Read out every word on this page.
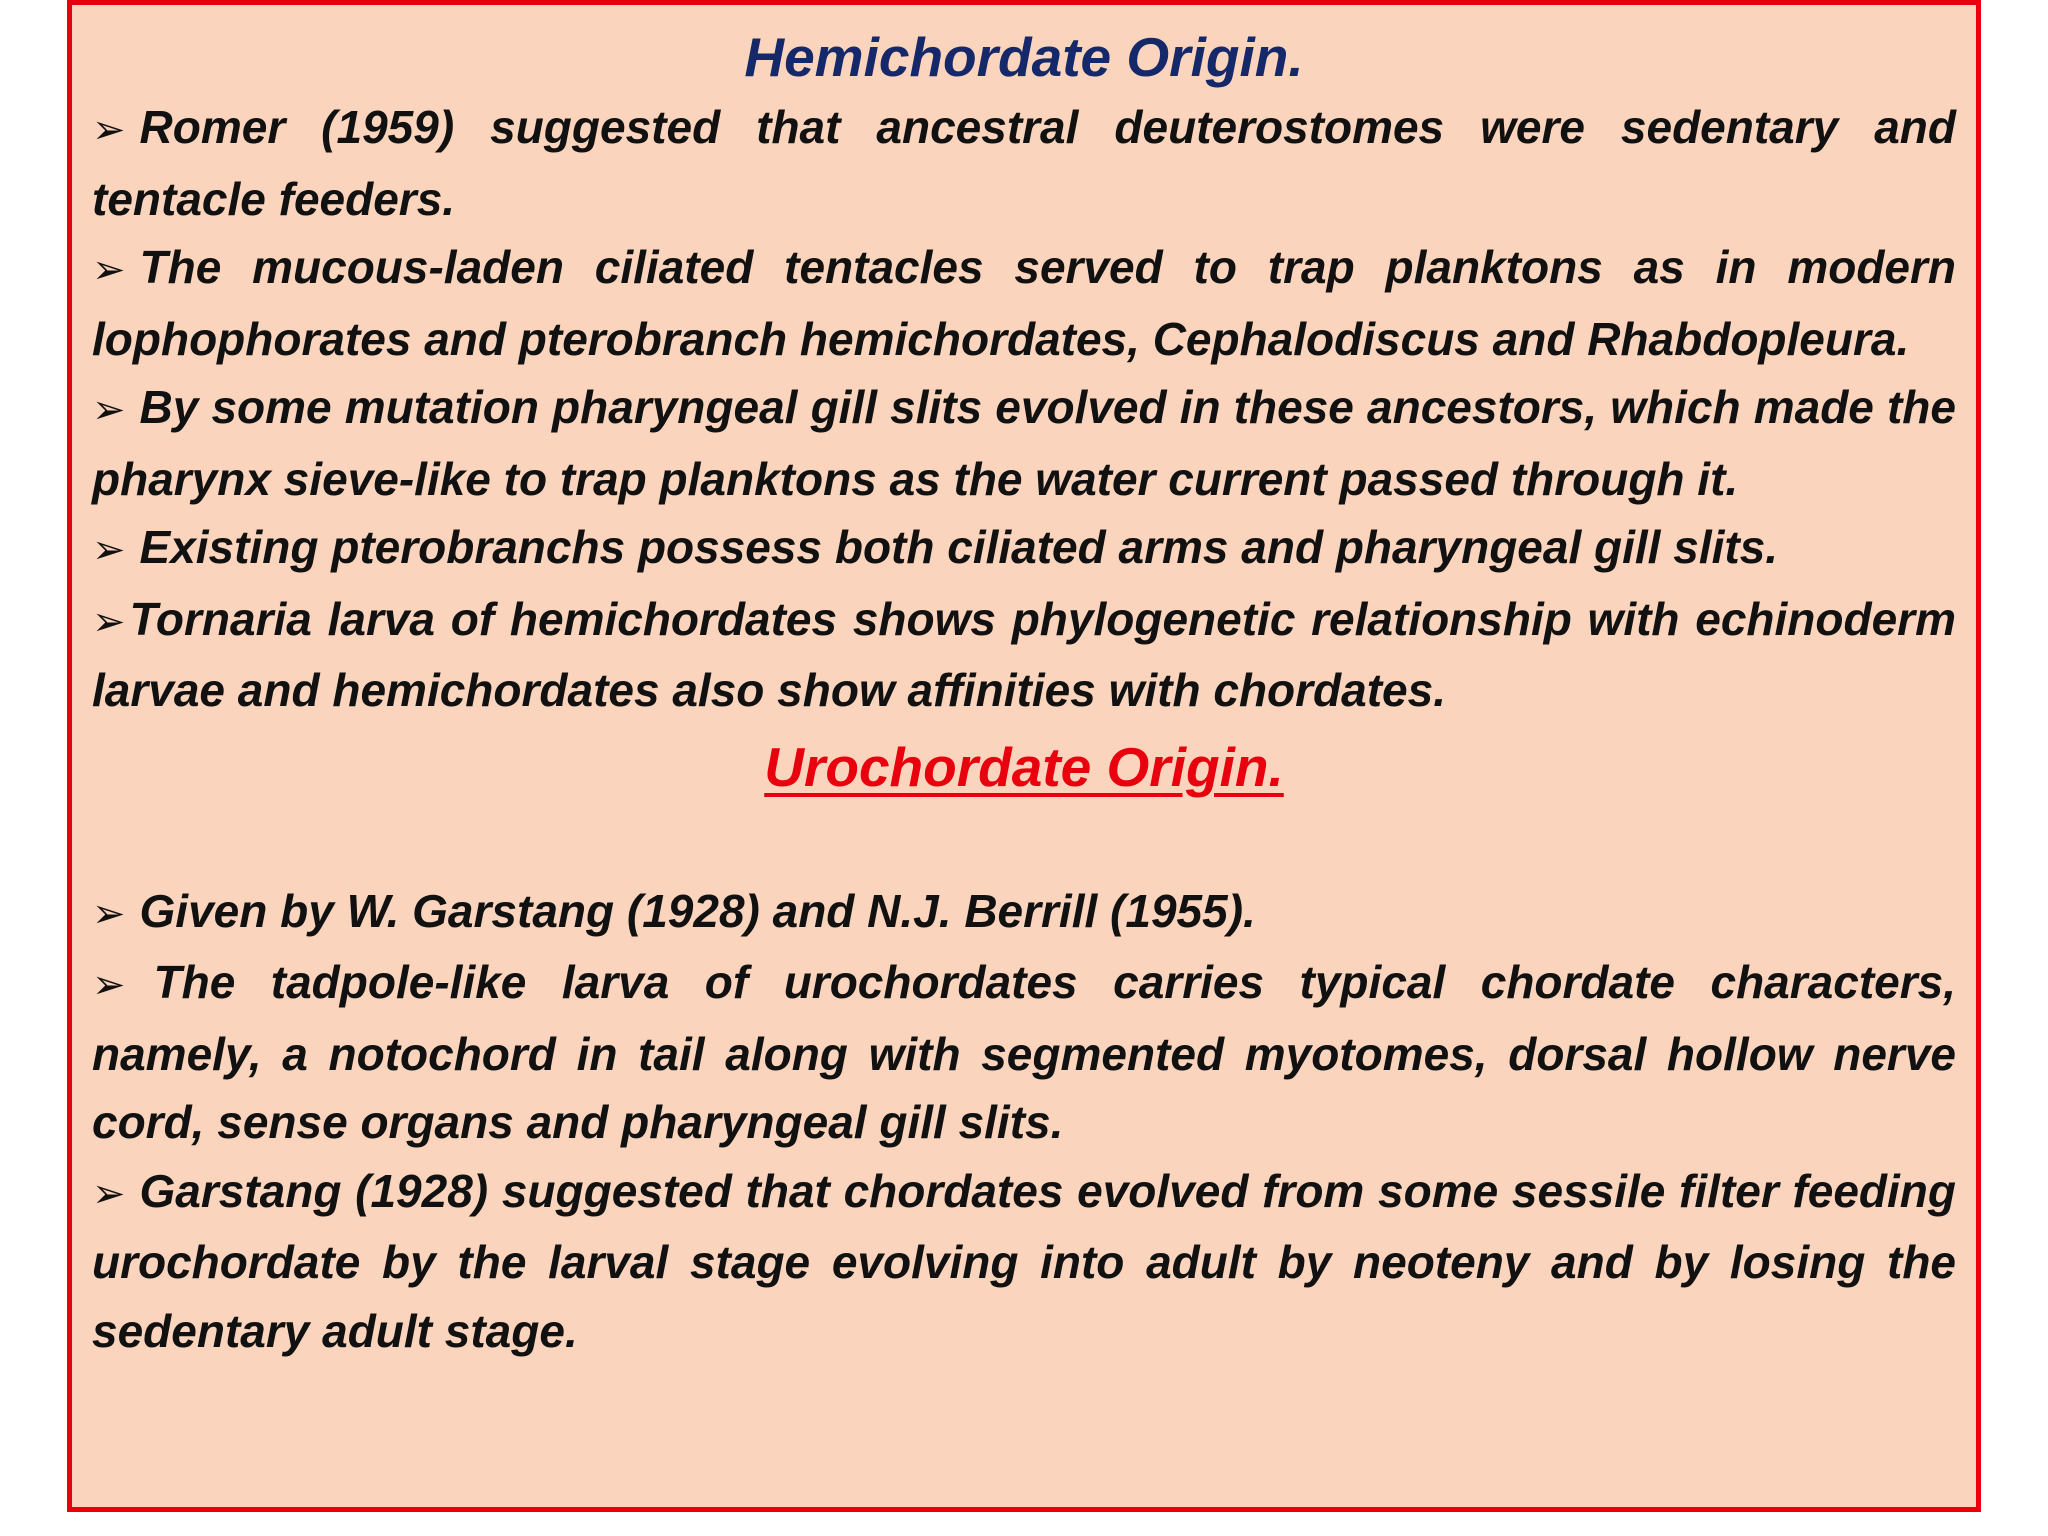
Hemichordate Origin.

➢ Romer (1959) suggested that ancestral deuterostomes were sedentary and tentacle feeders.

➢ The mucous-laden ciliated tentacles served to trap planktons as in modern lophophorates and pterobranch hemichordates, Cephalodiscus and Rhabdopleura.

➢ By some mutation pharyngeal gill slits evolved in these ancestors, which made the pharynx sieve-like to trap planktons as the water current passed through it.

➢ Existing pterobranchs possess both ciliated arms and pharyngeal gill slits.

➢Tornaria larva of hemichordates shows phylogenetic relationship with echinoderm larvae and hemichordates also show affinities with chordates.

Urochordate Origin.

➢ Given by W. Garstang (1928) and N.J. Berrill (1955).

➢ The tadpole-like larva of urochordates carries typical chordate characters, namely, a notochord in tail along with segmented myotomes, dorsal hollow nerve cord, sense organs and pharyngeal gill slits.

➢ Garstang (1928) suggested that chordates evolved from some sessile filter feeding urochordate by the larval stage evolving into adult by neoteny and by losing the sedentary adult stage.
